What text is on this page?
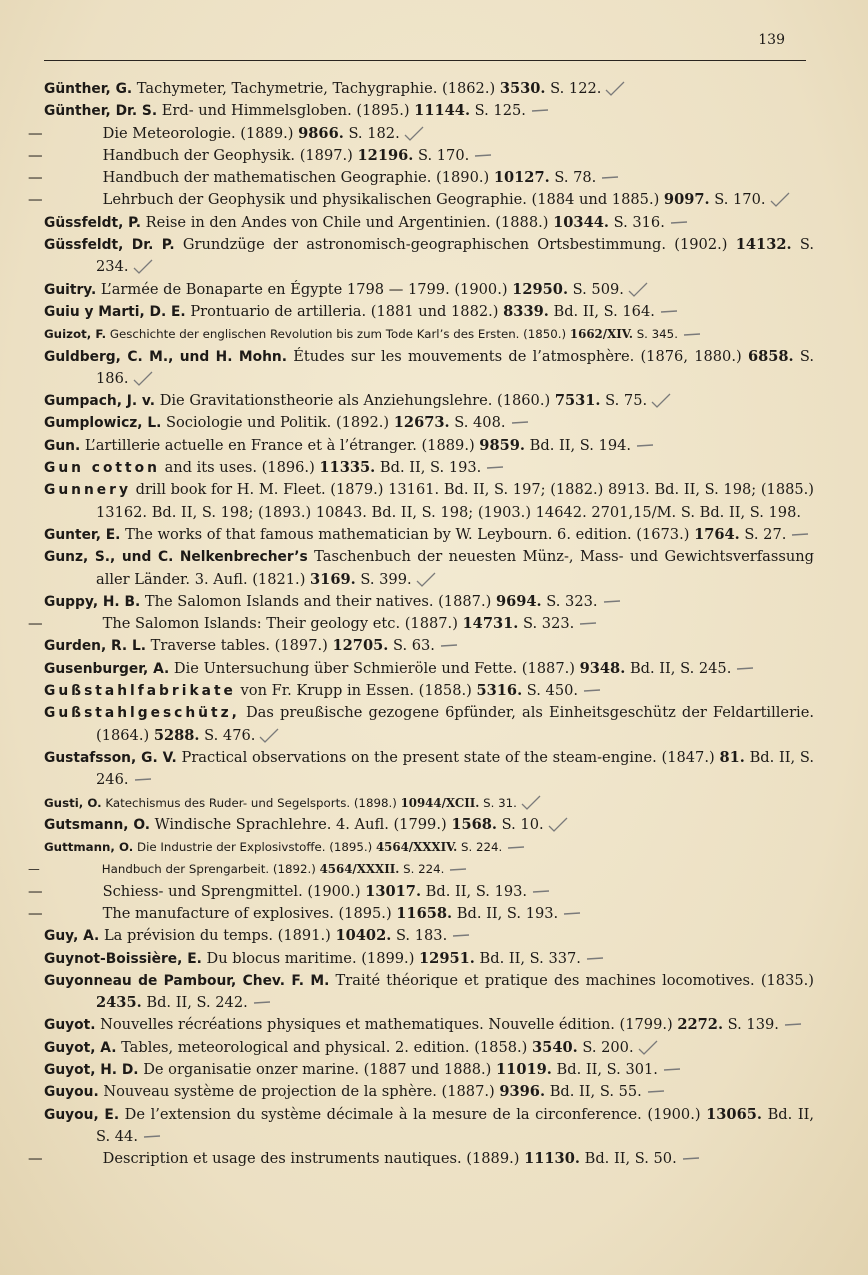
139
Günther, G. Tachymeter, Tachymetrie, Tachygraphie. (1862.) 3530. S. 122.
Günther, Dr. S. Erd- und Himmelsgloben. (1895.) 11144. S. 125.
—	Die Meteorologie. (1889.) 9866. S. 182.
—	Handbuch der Geophysik. (1897.) 12196. S. 170.
—	Handbuch der mathematischen Geographie. (1890.) 10127. S. 78.
—	Lehrbuch der Geophysik und physikalischen Geographie. (1884 und 1885.) 9097. S. 170.
Güssfeldt, P. Reise in den Andes von Chile und Argentinien. (1888.) 10344. S. 316.
Güssfeldt, Dr. P. Grundzüge der astronomisch-geographischen Ortsbestimmung. (1902.) 14132. S. 234.
Guitry. L’armée de Bonaparte en Égypte 1798 — 1799. (1900.) 12950. S. 509.
Guiu y Marti, D. E. Prontuario de artilleria. (1881 und 1882.) 8339. Bd. II, S. 164.
Guizot, F. Geschichte der englischen Revolution bis zum Tode Karl’s des Ersten. (1850.) 1662/XIV. S. 345.
Guldberg, C. M., und H. Mohn. Études sur les mouvements de l’atmosphère. (1876, 1880.) 6858. S. 186.
Gumpach, J. v. Die Gravitationstheorie als Anziehungslehre. (1860.) 7531. S. 75.
Gumplowicz, L. Sociologie und Politik. (1892.) 12673. S. 408.
Gun. L’artillerie actuelle en France et à l’étranger. (1889.) 9859. Bd. II, S. 194.
Gun cotton and its uses. (1896.) 11335. Bd. II, S. 193.
Gunnery drill book for H. M. Fleet. (1879.) 13161. Bd. II, S. 197; (1882.) 8913. Bd. II, S. 198; (1885.) 13162. Bd. II, S. 198; (1893.) 10843. Bd. II, S. 198; (1903.) 14642. 2701,15/M. S. Bd. II, S. 198.
Gunter, E. The works of that famous mathematician by W. Leybourn. 6. edition. (1673.) 1764. S. 27.
Gunz, S., und C. Nelkenbrecher’s Taschenbuch der neuesten Münz-, Mass- und Gewichtsverfassung aller Länder. 3. Aufl. (1821.) 3169. S. 399.
Guppy, H. B. The Salomon Islands and their natives. (1887.) 9694. S. 323.
—	The Salomon Islands: Their geology etc. (1887.) 14731. S. 323.
Gurden, R. L. Traverse tables. (1897.) 12705. S. 63.
Gusenburger, A. Die Untersuchung über Schmieröle und Fette. (1887.) 9348. Bd. II, S. 245.
Gußstahlfabrikate von Fr. Krupp in Essen. (1858.) 5316. S. 450.
Gußstahlgeschütz, Das preußische gezogene 6pfünder, als Einheitsgeschütz der Feldartillerie. (1864.) 5288. S. 476.
Gustafsson, G. V. Practical observations on the present state of the steam-engine. (1847.) 81. Bd. II, S. 246.
Gusti, O. Katechismus des Ruder- und Segelsports. (1898.) 10944/XCII. S. 31.
Gutsmann, O. Windische Sprachlehre. 4. Aufl. (1799.) 1568. S. 10.
Guttmann, O. Die Industrie der Explosivstoffe. (1895.) 4564/XXXIV. S. 224.
—	Handbuch der Sprengarbeit. (1892.) 4564/XXXII. S. 224.
—	Schiess- und Sprengmittel. (1900.) 13017. Bd. II, S. 193.
—	The manufacture of explosives. (1895.) 11658. Bd. II, S. 193.
Guy, A. La prévision du temps. (1891.) 10402. S. 183.
Guynot-Boissière, E. Du blocus maritime. (1899.) 12951. Bd. II, S. 337.
Guyonneau de Pambour, Chev. F. M. Traité théorique et pratique des machines locomotives. (1835.) 2435. Bd. II, S. 242.
Guyot. Nouvelles récréations physiques et mathematiques. Nouvelle édition. (1799.) 2272. S. 139.
Guyot, A. Tables, meteorological and physical. 2. edition. (1858.) 3540. S. 200.
Guyot, H. D. De organisatie onzer marine. (1887 und 1888.) 11019. Bd. II, S. 301.
Guyou. Nouveau système de projection de la sphère. (1887.) 9396. Bd. II, S. 55.
Guyou, E. De l’extension du système décimale à la mesure de la circonference. (1900.) 13065. Bd. II, S. 44.
—	Description et usage des instruments nautiques. (1889.) 11130. Bd. II, S. 50.
